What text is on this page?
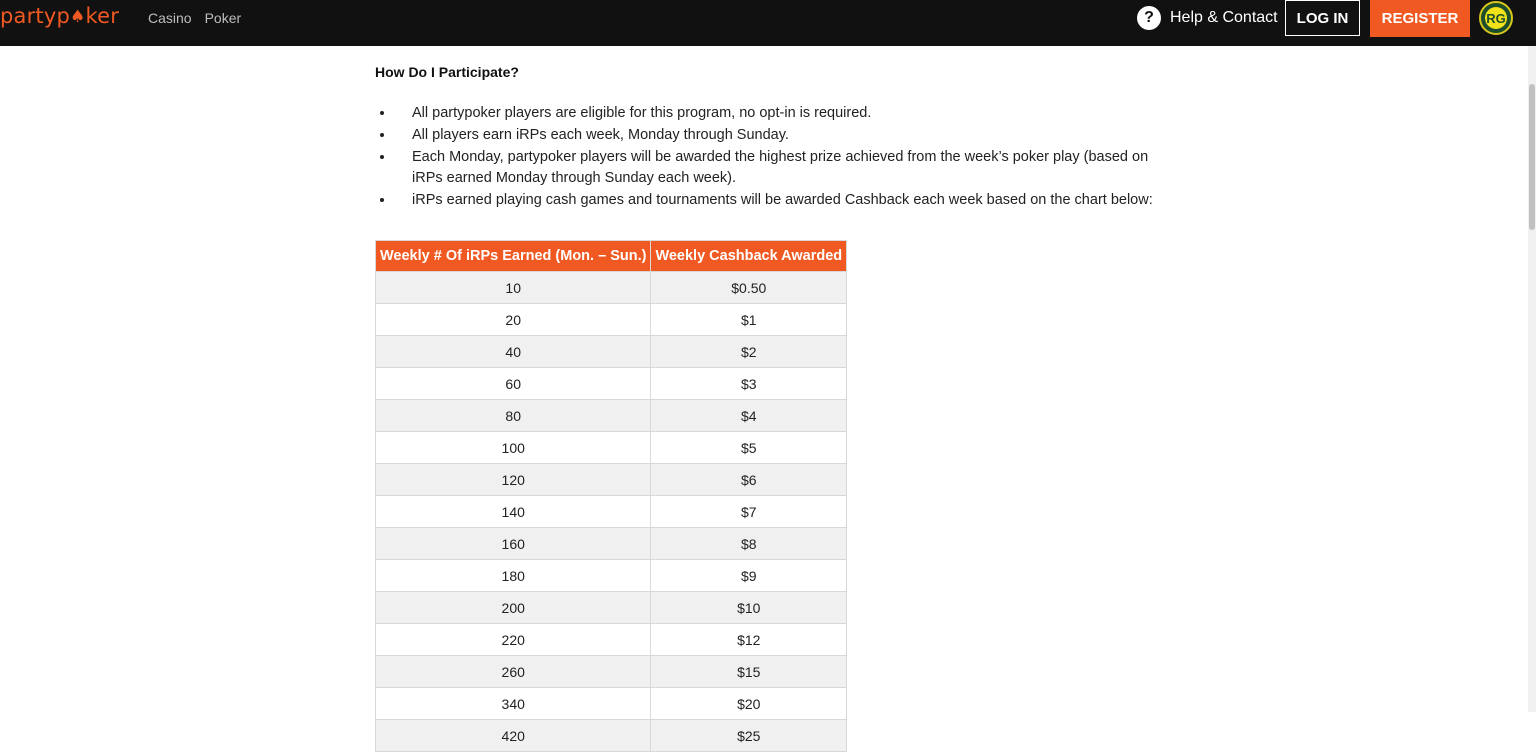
partyp♠ker Casino Poker	?	Help & Contact	LOG IN	REGISTER	RG
How Do I Participate?
• All partypoker players are eligible for this program, no opt-in is required.
• All players earn iRPs each week, Monday through Sunday.
• Each Monday, partypoker players will be awarded the highest prize achieved from the week’s poker play (based on iRPs earned Monday through Sunday each week).
• iRPs earned playing cash games and tournaments will be awarded Cashback each week based on the chart below:
Weekly # Of iRPs Earned (Mon. – Sun.)	Weekly Cashback Awarded
10	$0.50
20	$1
40	$2
60	$3
80	$4
100	$5
120	$6
140	$7
160	$8
180	$9
200	$10
220	$12
260	$15
340	$20
420	$25
